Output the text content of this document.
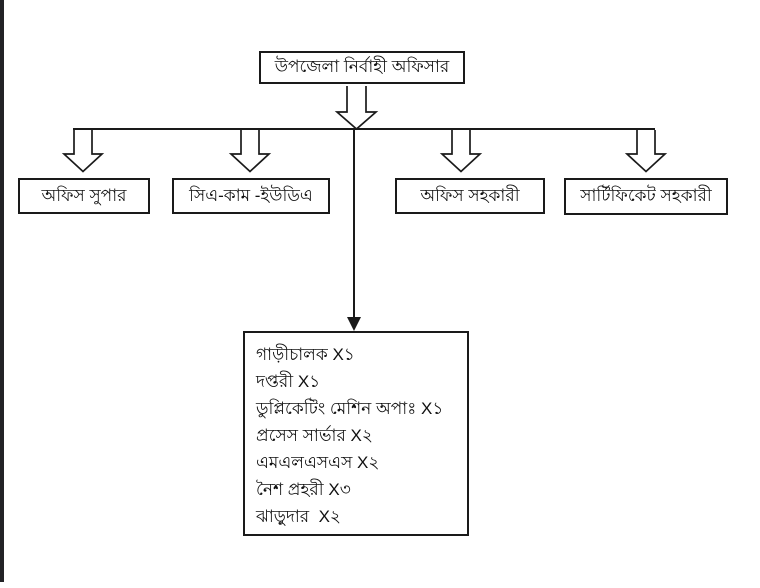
উপজেলা নির্বাহী অফিসার
অফিস সুপার	সিএ-কাম -ইউডিএ	অফিস সহকারী	সার্টিফিকেট সহকারী
গাড়ীচালক X১
দপ্তরী X১
ডুপ্লিকেটিং মেশিন অপাঃ X১
প্রসেস সার্ভার X২
এমএলএসএস X২
নৈশ প্রহরী X৩
ঝাড়ুদার  X২
